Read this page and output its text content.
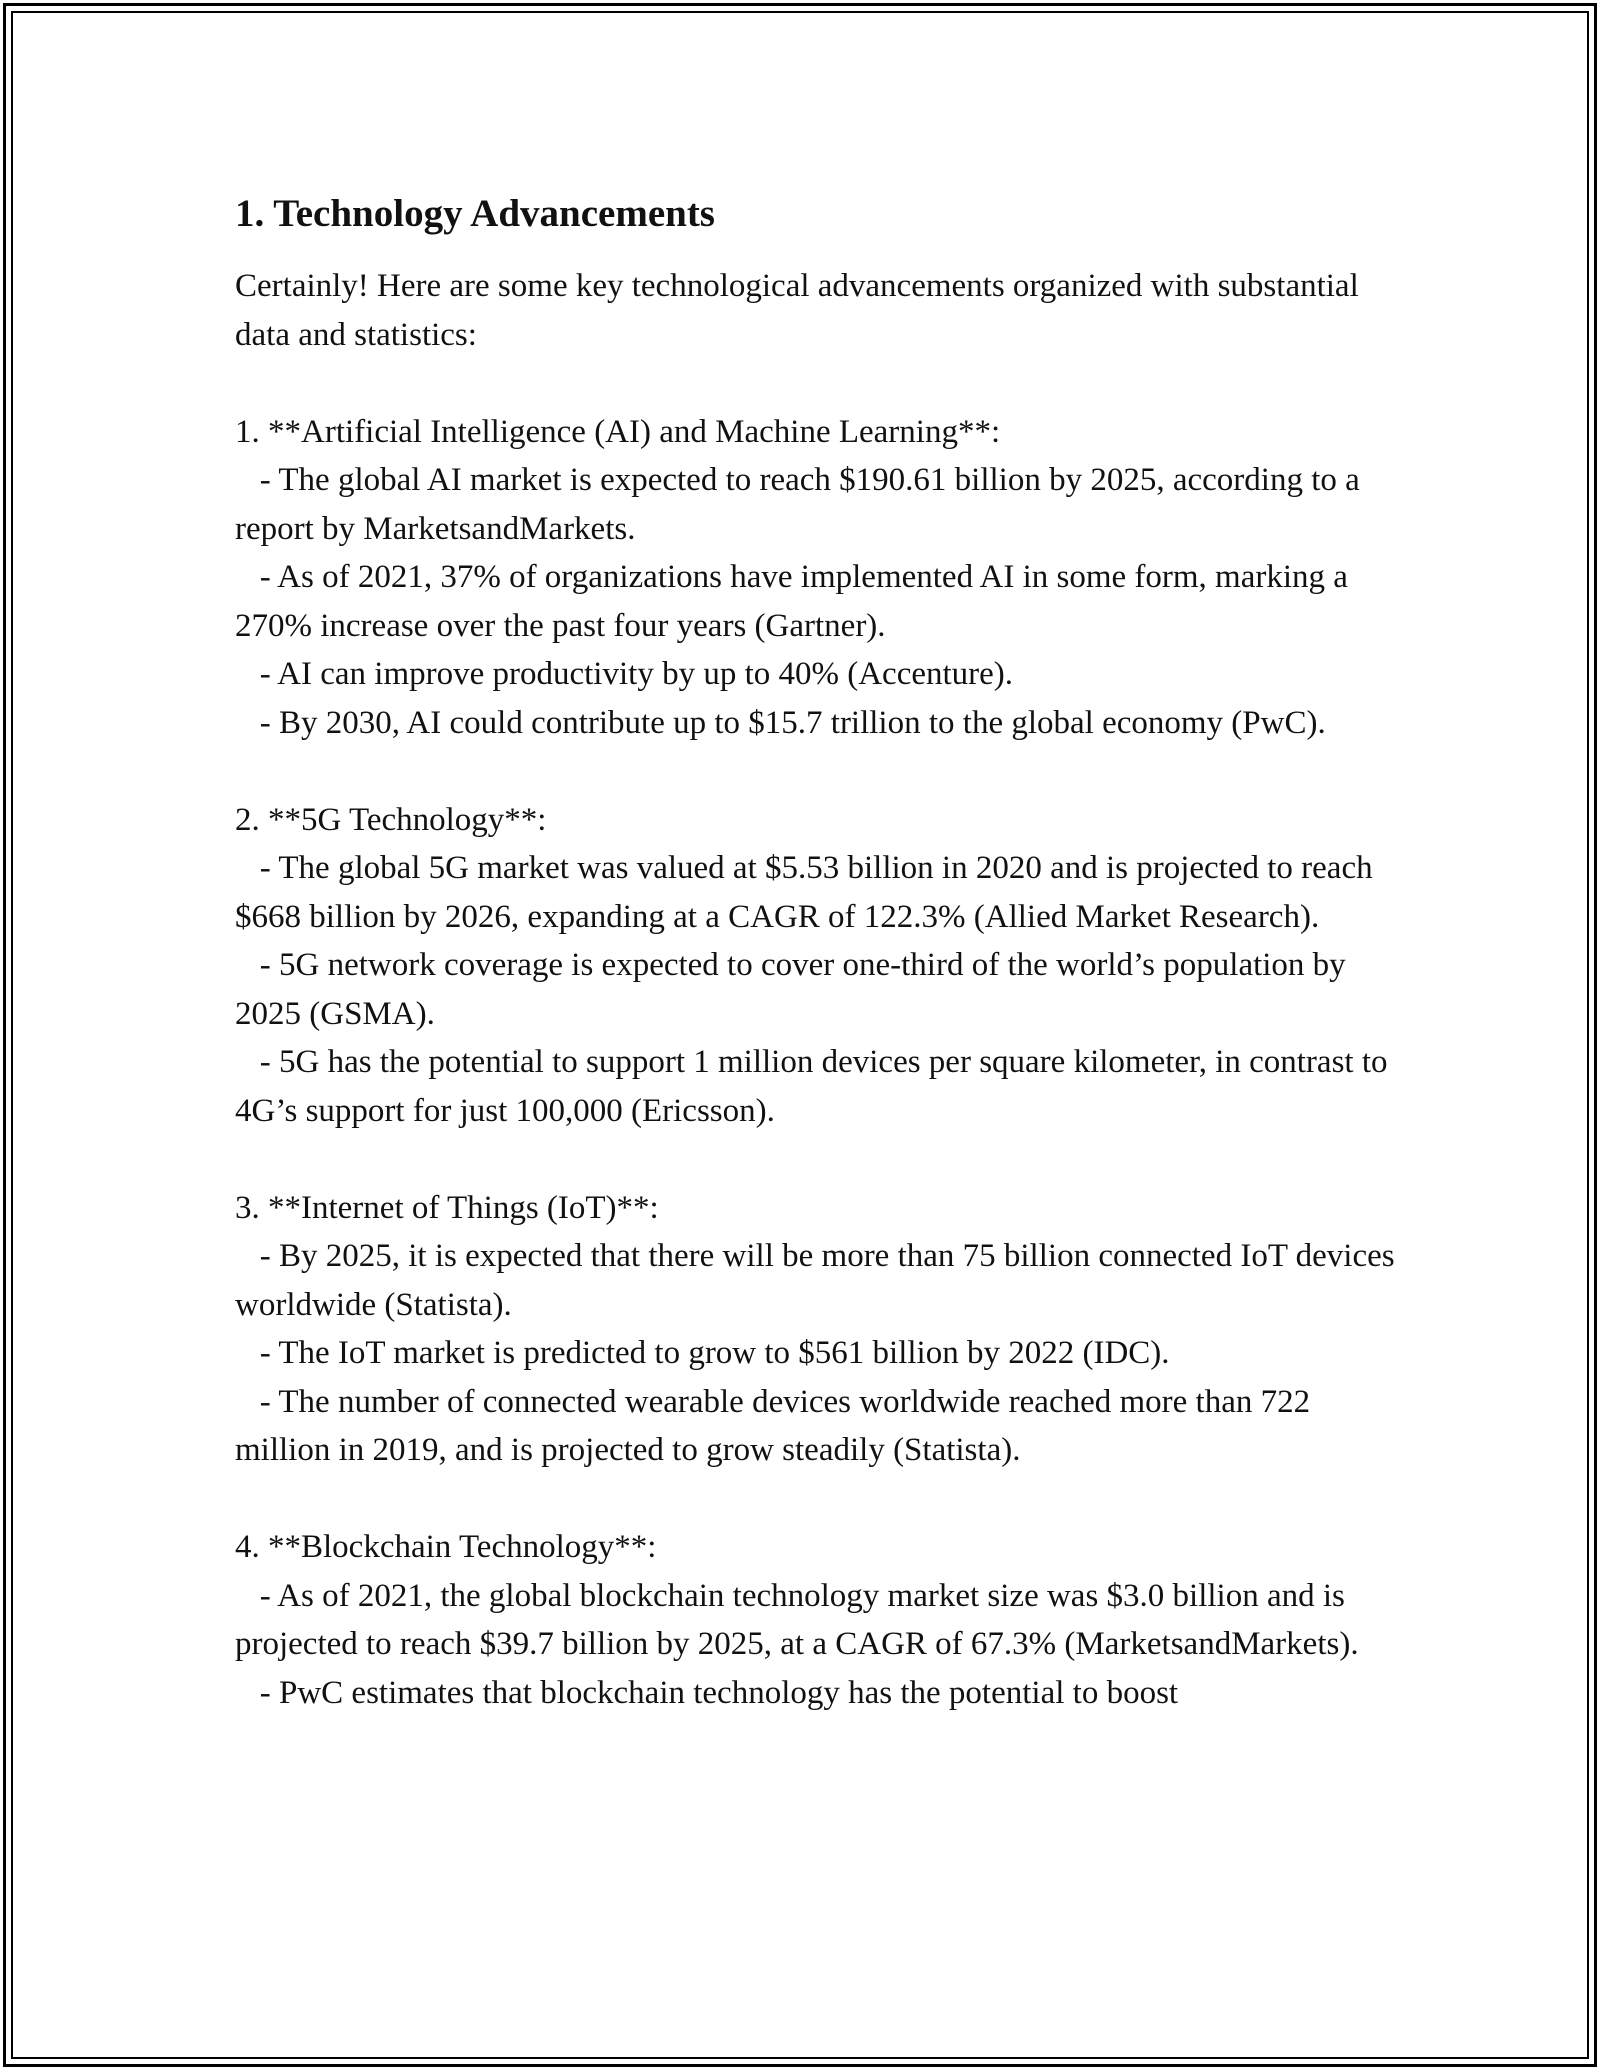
1. Technology Advancements

Certainly! Here are some key technological advancements organized with substantial data and statistics:

1. **Artificial Intelligence (AI) and Machine Learning**:
- The global AI market is expected to reach $190.61 billion by 2025, according to a report by MarketsandMarkets.
- As of 2021, 37% of organizations have implemented AI in some form, marking a 270% increase over the past four years (Gartner).
- AI can improve productivity by up to 40% (Accenture).
- By 2030, AI could contribute up to $15.7 trillion to the global economy (PwC).

2. **5G Technology**:
- The global 5G market was valued at $5.53 billion in 2020 and is projected to reach $668 billion by 2026, expanding at a CAGR of 122.3% (Allied Market Research).
- 5G network coverage is expected to cover one-third of the world’s population by 2025 (GSMA).
- 5G has the potential to support 1 million devices per square kilometer, in contrast to 4G’s support for just 100,000 (Ericsson).

3. **Internet of Things (IoT)**:
- By 2025, it is expected that there will be more than 75 billion connected IoT devices worldwide (Statista).
- The IoT market is predicted to grow to $561 billion by 2022 (IDC).
- The number of connected wearable devices worldwide reached more than 722 million in 2019, and is projected to grow steadily (Statista).

4. **Blockchain Technology**:
- As of 2021, the global blockchain technology market size was $3.0 billion and is projected to reach $39.7 billion by 2025, at a CAGR of 67.3% (MarketsandMarkets).
- PwC estimates that blockchain technology has the potential to boost
